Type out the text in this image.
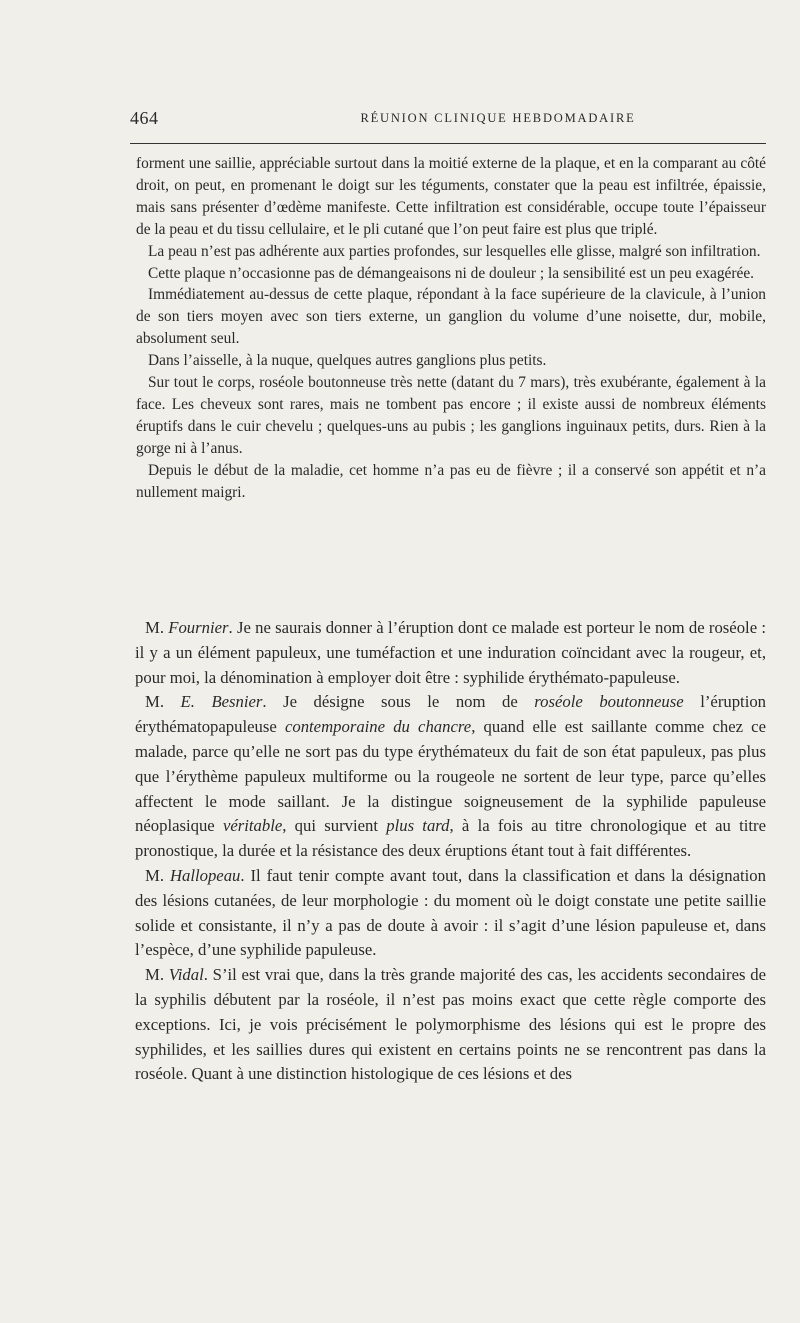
464	RÉUNION CLINIQUE HEBDOMADAIRE

forment une saillie, appréciable surtout dans la moitié externe de la plaque, et en la comparant au côté droit, on peut, en promenant le doigt sur les téguments, constater que la peau est infiltrée, épaissie, mais sans présenter d’œdème manifeste. Cette infiltration est considérable, occupe toute l’épaisseur de la peau et du tissu cellulaire, et le pli cutané que l’on peut faire est plus que triplé.

La peau n’est pas adhérente aux parties profondes, sur lesquelles elle glisse, malgré son infiltration.

Cette plaque n’occasionne pas de démangeaisons ni de douleur ; la sensibilité est un peu exagérée.

Immédiatement au-dessus de cette plaque, répondant à la face supérieure de la clavicule, à l’union de son tiers moyen avec son tiers externe, un ganglion du volume d’une noisette, dur, mobile, absolument seul.

Dans l’aisselle, à la nuque, quelques autres ganglions plus petits.

Sur tout le corps, roséole boutonneuse très nette (datant du 7 mars), très exubérante, également à la face. Les cheveux sont rares, mais ne tombent pas encore ; il existe aussi de nombreux éléments éruptifs dans le cuir chevelu ; quelques-uns au pubis ; les ganglions inguinaux petits, durs. Rien à la gorge ni à l’anus.

Depuis le début de la maladie, cet homme n’a pas eu de fièvre ; il a conservé son appétit et n’a nullement maigri.

M. Fournier. Je ne saurais donner à l’éruption dont ce malade est porteur le nom de roséole : il y a un élément papuleux, une tuméfaction et une induration coïncidant avec la rougeur, et, pour moi, la dénomination à employer doit être : syphilide érythémato-papuleuse.

M. E. Besnier. Je désigne sous le nom de roséole boutonneuse l’éruption érythématopapuleuse contemporaine du chancre, quand elle est saillante comme chez ce malade, parce qu’elle ne sort pas du type érythémateux du fait de son état papuleux, pas plus que l’érythème papuleux multiforme ou la rougeole ne sortent de leur type, parce qu’elles affectent le mode saillant. Je la distingue soigneusement de la syphilide papuleuse néoplasique véritable, qui survient plus tard, à la fois au titre chronologique et au titre pronostique, la durée et la résistance des deux éruptions étant tout à fait différentes.

M. Hallopeau. Il faut tenir compte avant tout, dans la classification et dans la désignation des lésions cutanées, de leur morphologie : du moment où le doigt constate une petite saillie solide et consistante, il n’y a pas de doute à avoir : il s’agit d’une lésion papuleuse et, dans l’espèce, d’une syphilide papuleuse.

M. Vidal. S’il est vrai que, dans la très grande majorité des cas, les accidents secondaires de la syphilis débutent par la roséole, il n’est pas moins exact que cette règle comporte des exceptions. Ici, je vois précisément le polymorphisme des lésions qui est le propre des syphilides, et les saillies dures qui existent en certains points ne se rencontrent pas dans la roséole. Quant à une distinction histologique de ces lésions et des
